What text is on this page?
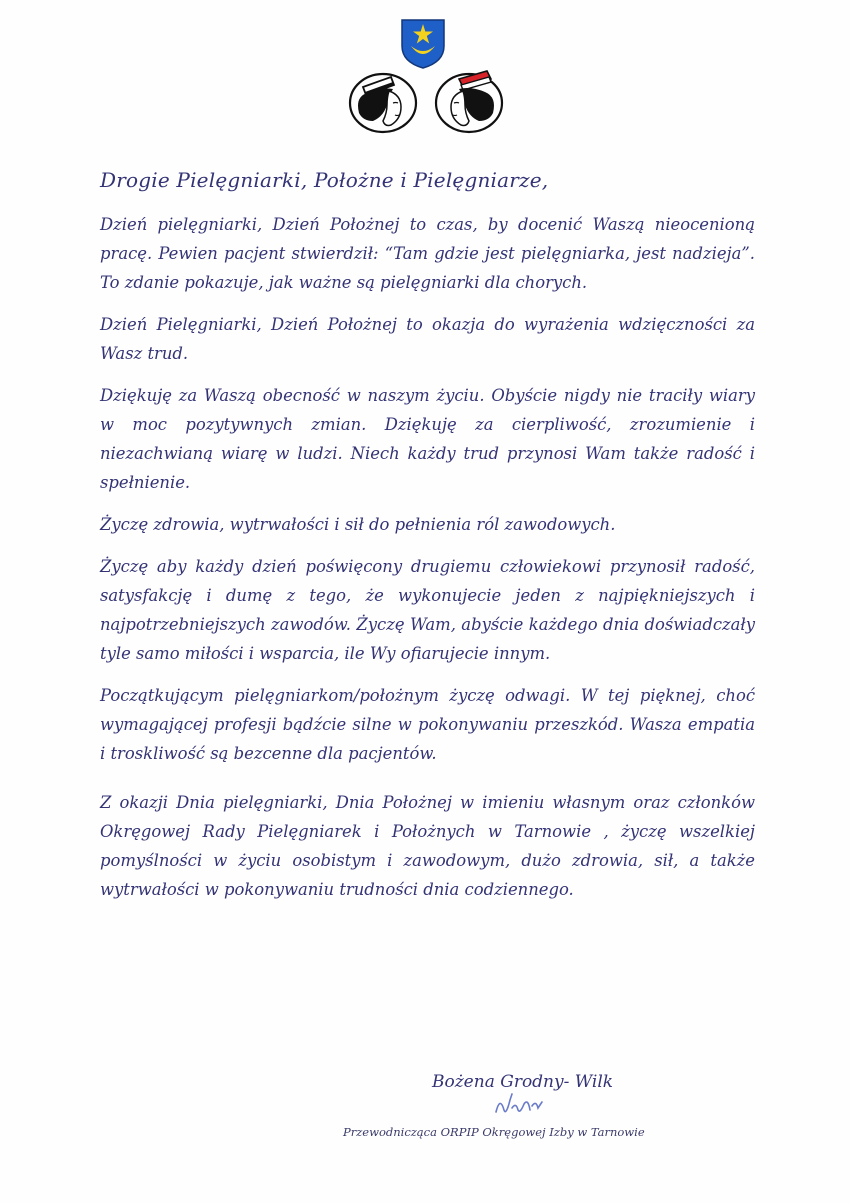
Drogie Pielęgniarki, Położne i Pielęgniarze,

Dzień pielęgniarki, Dzień Położnej to czas, by docenić Waszą nieocenioną pracę. Pewien pacjent stwierdził: “Tam gdzie jest pielęgniarka, jest nadzieja”. To zdanie pokazuje, jak ważne są pielęgniarki dla chorych.

Dzień Pielęgniarki, Dzień Położnej to okazja do wyrażenia wdzięczności za Wasz trud.

Dziękuję za Waszą obecność w naszym życiu. Obyście nigdy nie traciły wiary w moc pozytywnych zmian. Dziękuję za cierpliwość, zrozumienie i niezachwianą wiarę w ludzi. Niech każdy trud przynosi Wam także radość i spełnienie.

Życzę zdrowia, wytrwałości i sił do pełnienia ról zawodowych.

Życzę aby każdy dzień poświęcony drugiemu człowiekowi przynosił radość, satysfakcję i dumę z tego, że wykonujecie jeden z najpiękniejszych i najpotrzebniejszych zawodów. Życzę Wam, abyście każdego dnia doświadczały tyle samo miłości i wsparcia, ile Wy ofiarujecie innym.

Początkującym pielęgniarkom/położnym życzę odwagi. W tej pięknej, choć wymagającej profesji bądźcie silne w pokonywaniu przeszkód. Wasza empatia i troskliwość są bezcenne dla pacjentów.

Z okazji Dnia pielęgniarki, Dnia Położnej w imieniu własnym oraz członków Okręgowej Rady Pielęgniarek i Położnych w Tarnowie , życzę wszelkiej pomyślności w życiu osobistym i zawodowym, dużo zdrowia, sił, a także wytrwałości w pokonywaniu trudności dnia codziennego.

Bożena Grodny- Wilk
Przewodnicząca ORPIP Okręgowej Izby w Tarnowie
